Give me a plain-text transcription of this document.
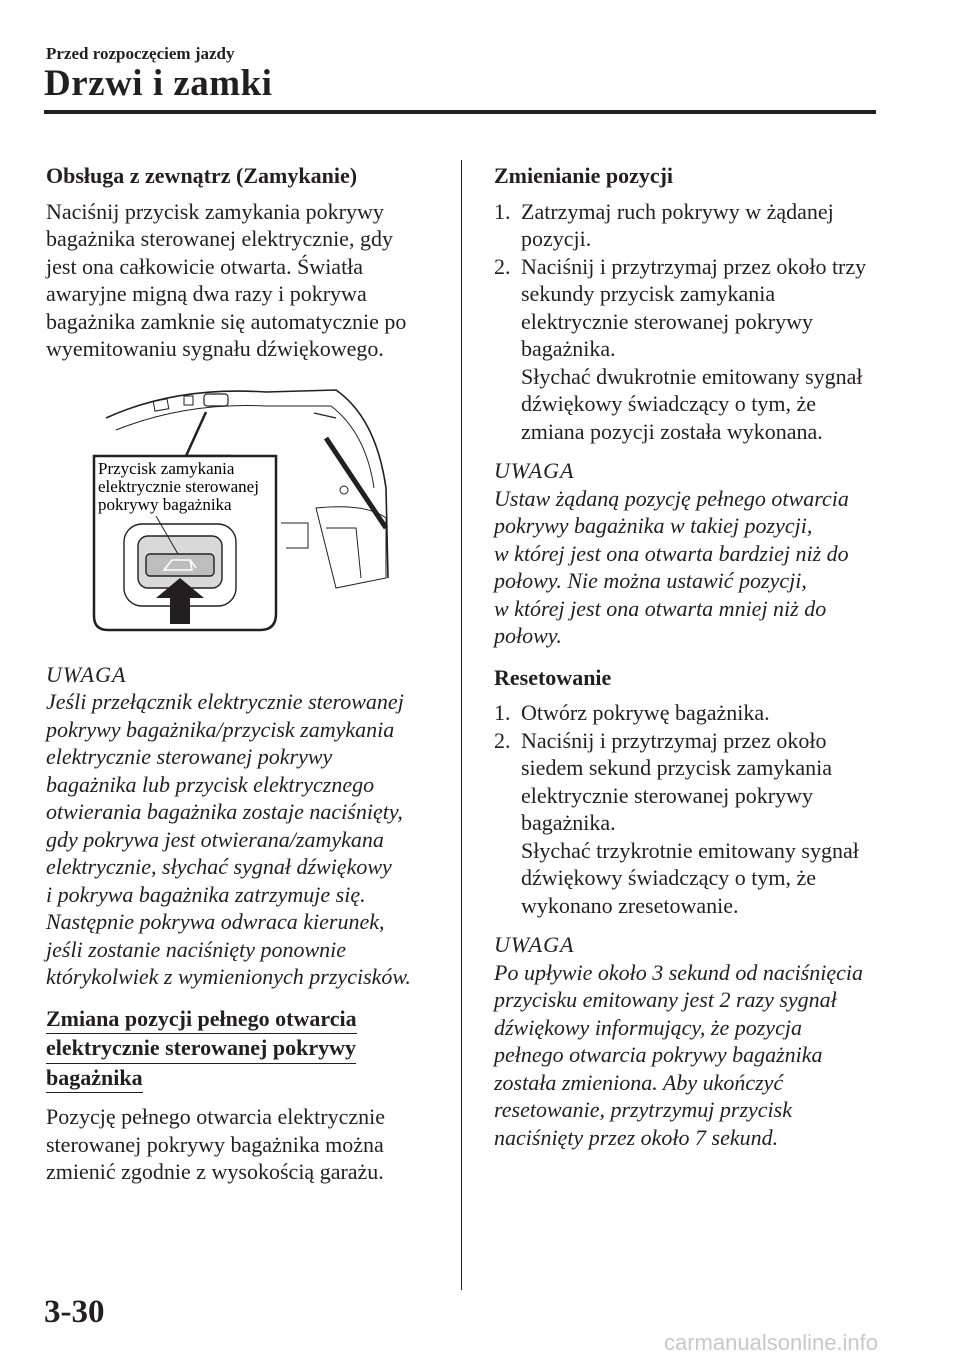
Przed rozpoczęciem jazdy
Drzwi i zamki

Obsługa z zewnątrz (Zamykanie)

Naciśnij przycisk zamykania pokrywy

bagażnika sterowanej elektrycznie, gdy

jest ona całkowicie otwarta. Światła

awaryjne migną dwa razy i pokrywa

bagażnika zamknie się automatycznie po

wyemitowaniu sygnału dźwiękowego.

UWAGA

Jeśli przełącznik elektrycznie sterowanej

pokrywy bagażnika/przycisk zamykania

elektrycznie sterowanej pokrywy

bagażnika lub przycisk elektrycznego

otwierania bagażnika zostaje naciśnięty,

gdy pokrywa jest otwierana/zamykana

elektrycznie, słychać sygnał dźwiękowy

i pokrywa bagażnika zatrzymuje się.

Następnie pokrywa odwraca kierunek,

jeśli zostanie naciśnięty ponownie

którykolwiek z wymienionych przycisków.

Zmiana pozycji pełnego otwarcia

elektrycznie sterowanej pokrywy

bagażnika

Pozycję pełnego otwarcia elektrycznie

sterowanej pokrywy bagażnika można

zmienić zgodnie z wysokością garażu.

Przycisk zamykania
elektrycznie sterowanej
pokrywy bagażnika

Zmienianie pozycji

1. Zatrzymaj ruch pokrywy w żądanej

pozycji.

2. Naciśnij i przytrzymaj przez około trzy

sekundy przycisk zamykania

elektrycznie sterowanej pokrywy

bagażnika.

Słychać dwukrotnie emitowany sygnał

dźwiękowy świadczący o tym, że

zmiana pozycji została wykonana.

UWAGA

Ustaw żądaną pozycję pełnego otwarcia

pokrywy bagażnika w takiej pozycji,

w której jest ona otwarta bardziej niż do

połowy. Nie można ustawić pozycji,

w której jest ona otwarta mniej niż do

połowy.

Resetowanie

1. Otwórz pokrywę bagażnika.

2. Naciśnij i przytrzymaj przez około

siedem sekund przycisk zamykania

elektrycznie sterowanej pokrywy

bagażnika.

Słychać trzykrotnie emitowany sygnał

dźwiękowy świadczący o tym, że

wykonano zresetowanie.

UWAGA

Po upływie około 3 sekund od naciśnięcia

przycisku emitowany jest 2 razy sygnał

dźwiękowy informujący, że pozycja

pełnego otwarcia pokrywy bagażnika

została zmieniona. Aby ukończyć

resetowanie, przytrzymuj przycisk

naciśnięty przez około 7 sekund.

3-30
carmanualsonline.info
